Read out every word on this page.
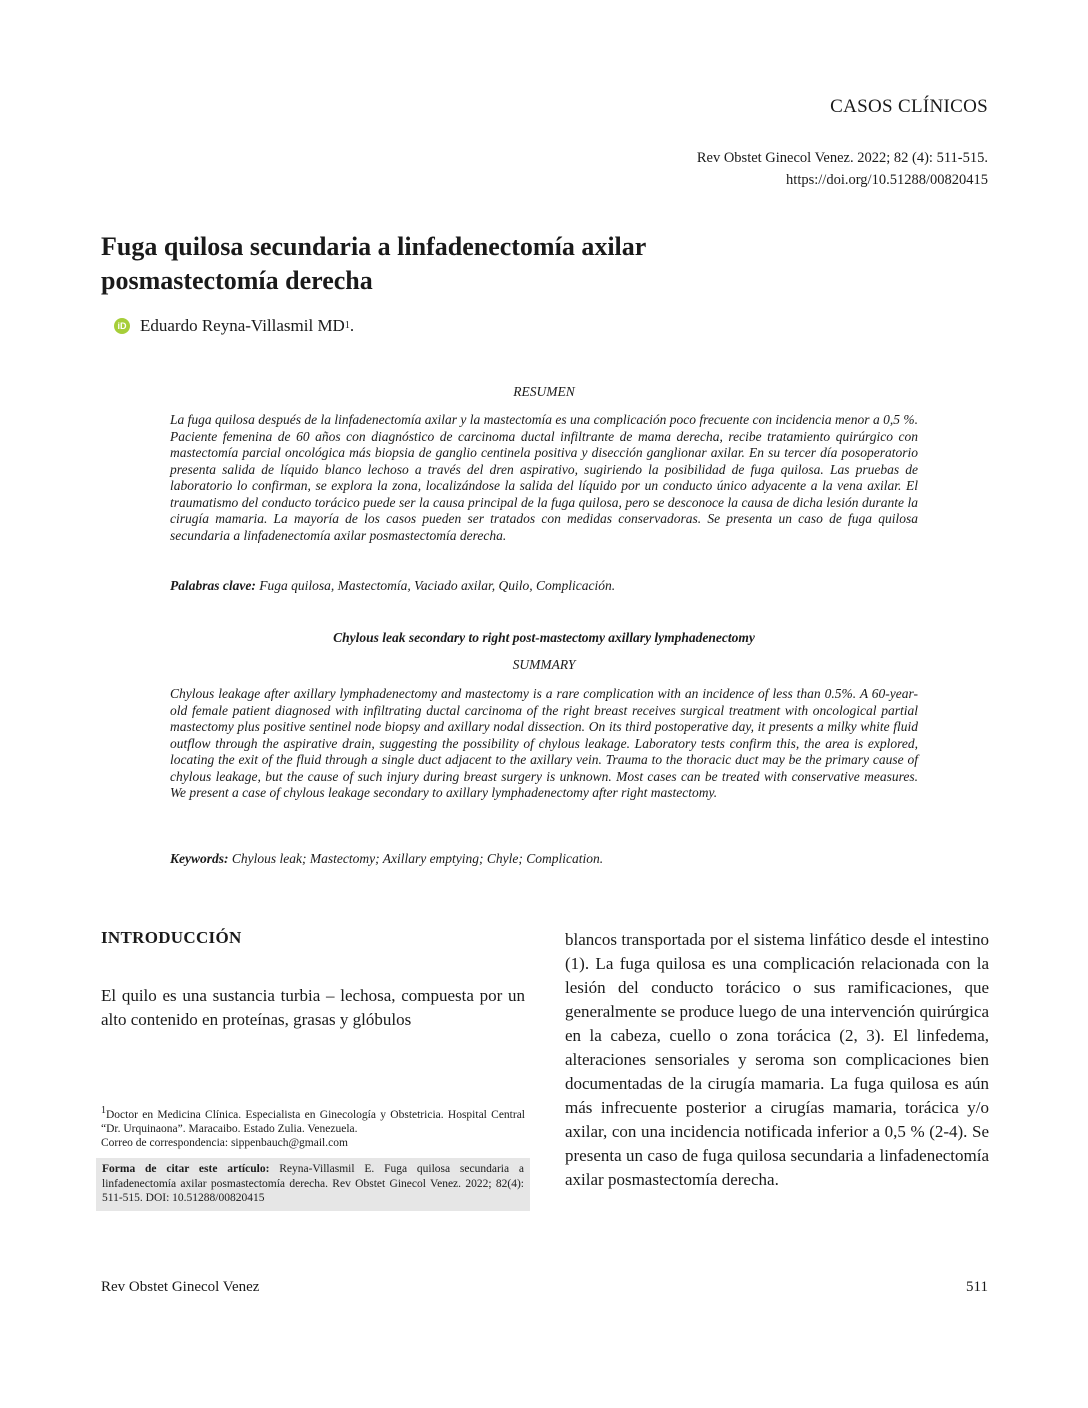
CASOS CLÍNICOS
Rev Obstet Ginecol Venez. 2022; 82 (4): 511-515.
https://doi.org/10.51288/00820415
Fuga quilosa secundaria a linfadenectomía axilar posmastectomía derecha
iD Eduardo Reyna-Villasmil MD 1 .
RESUMEN
La fuga quilosa después de la linfadenectomía axilar y la mastectomía es una complicación poco frecuente con incidencia menor a 0,5 %. Paciente femenina de 60 años con diagnóstico de carcinoma ductal infiltrante de mama derecha, recibe tratamiento quirúrgico con mastectomía parcial oncológica más biopsia de ganglio centinela positiva y disección ganglionar axilar. En su tercer día posoperatorio presenta salida de líquido blanco lechoso a través del dren aspirativo, sugiriendo la posibilidad de fuga quilosa. Las pruebas de laboratorio lo confirman, se explora la zona, localizándose la salida del líquido por un conducto único adyacente a la vena axilar. El traumatismo del conducto torácico puede ser la causa principal de la fuga quilosa, pero se desconoce la causa de dicha lesión durante la cirugía mamaria. La mayoría de los casos pueden ser tratados con medidas conservadoras. Se presenta un caso de fuga quilosa secundaria a linfadenectomía axilar posmastectomía derecha.
Palabras clave: Fuga quilosa, Mastectomía, Vaciado axilar, Quilo, Complicación.
Chylous leak secondary to right post-mastectomy axillary lymphadenectomy
SUMMARY
Chylous leakage after axillary lymphadenectomy and mastectomy is a rare complication with an incidence of less than 0.5%. A 60-year-old female patient diagnosed with infiltrating ductal carcinoma of the right breast receives surgical treatment with oncological partial mastectomy plus positive sentinel node biopsy and axillary nodal dissection. On its third postoperative day, it presents a milky white fluid outflow through the aspirative drain, suggesting the possibility of chylous leakage. Laboratory tests confirm this, the area is explored, locating the exit of the fluid through a single duct adjacent to the axillary vein. Trauma to the thoracic duct may be the primary cause of chylous leakage, but the cause of such injury during breast surgery is unknown. Most cases can be treated with conservative measures. We present a case of chylous leakage secondary to axillary lymphadenectomy after right mastectomy.
Keywords: Chylous leak; Mastectomy; Axillary emptying; Chyle; Complication.
INTRODUCCIÓN
El quilo es una sustancia turbia – lechosa, compuesta por un alto contenido en proteínas, grasas y glóbulos
blancos transportada por el sistema linfático desde el intestino (1). La fuga quilosa es una complicación relacionada con la lesión del conducto torácico o sus ramificaciones, que generalmente se produce luego de una intervención quirúrgica en la cabeza, cuello o zona torácica (2, 3). El linfedema, alteraciones sensoriales y seroma son complicaciones bien documentadas de la cirugía mamaria. La fuga quilosa es aún más infrecuente posterior a cirugías mamaria, torácica y/o axilar, con una incidencia notificada inferior a 0,5 % (2-4). Se presenta un caso de fuga quilosa secundaria a linfadenectomía axilar posmastectomía derecha.
$^1$Doctor en Medicina Clínica. Especialista en Ginecología y Obstetricia. Hospital Central “Dr. Urquinaona”. Maracaibo. Estado Zulia. Venezuela.
Correo de correspondencia: sippenbauch@gmail.com
Forma de citar este artículo: Reyna-Villasmil E. Fuga quilosa secundaria a linfadenectomía axilar posmastectomía derecha. Rev Obstet Ginecol Venez. 2022; 82(4): 511-515. DOI: 10.51288/00820415
Rev Obstet Ginecol Venez	511
